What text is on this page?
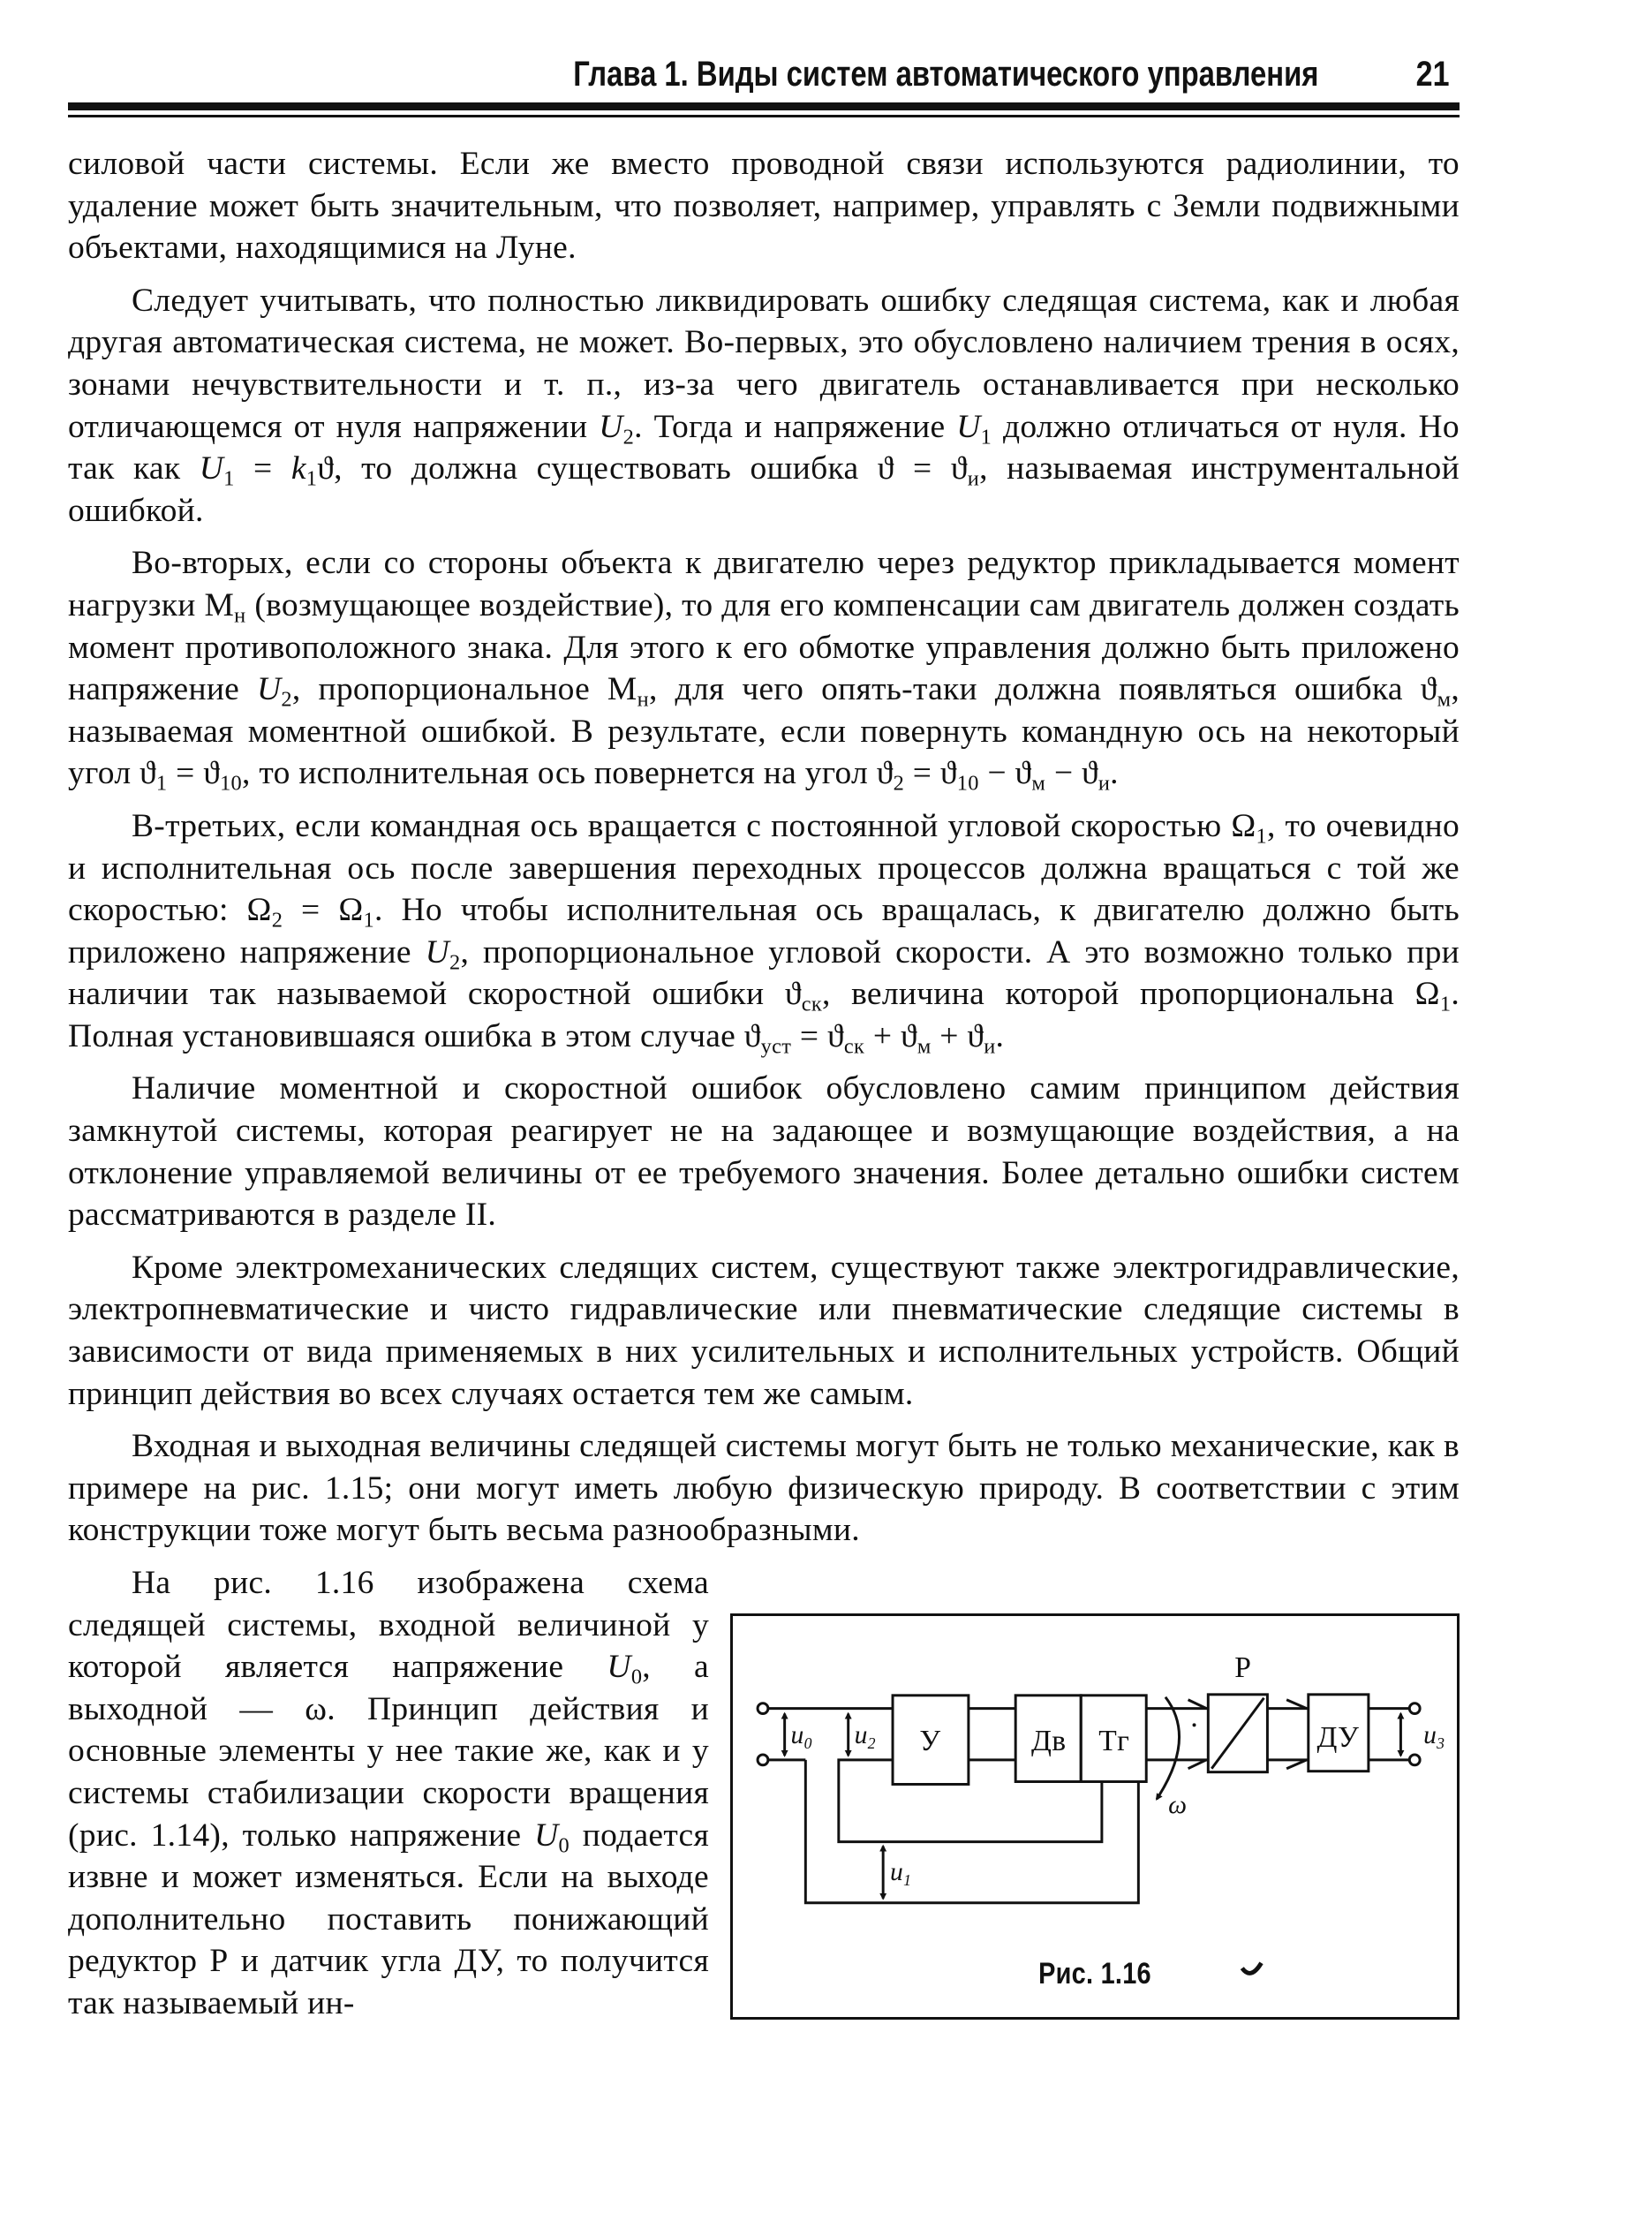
Глава 1. Виды систем автоматического управления	21

силовой части системы. Если же вместо проводной связи используются радиолинии, то удаление может быть значительным, что позволяет, например, управлять с Земли подвижными объектами, находящимися на Луне.

Следует учитывать, что полностью ликвидировать ошибку следящая система, как и любая другая автоматическая система, не может. Во-первых, это обусловлено наличием трения в осях, зонами нечувствительности и т. п., из-за чего двигатель останавливается при несколько отличающемся от нуля напряжении $U_2$. Тогда и напряжение $U_1$ должно отличаться от нуля. Но так как $U_1 = k_1ϑ$, то должна существовать ошибка $ϑ = ϑ_и$, называемая инструментальной ошибкой.

Во-вторых, если со стороны объекта к двигателю через редуктор прикладывается момент нагрузки $М_н$ (возмущающее воздействие), то для его компенсации сам двигатель должен создать момент противоположного знака. Для этого к его обмотке управления должно быть приложено напряжение $U_2$, пропорциональное $М_н$, для чего опять-таки должна появляться ошибка $ϑ_м$, называемая моментной ошибкой. В результате, если повернуть командную ось на некоторый угол $ϑ_1 = ϑ_{10}$, то исполнительная ось повернется на угол $ϑ_2 = ϑ_{10} - ϑ_м - ϑ_и$.

В-третьих, если командная ось вращается с постоянной угловой скоростью $\Omega_1$, то очевидно и исполнительная ось после завершения переходных процессов должна вращаться с той же скоростью: $\Omega_2 = \Omega_1$. Но чтобы исполнительная ось вращалась, к двигателю должно быть приложено напряжение $U_2$, пропорциональное угловой скорости. А это возможно только при наличии так называемой скоростной ошибки $ϑ_{ск}$, величина которой пропорциональна $\Omega_1$. Полная установившаяся ошибка в этом случае $ϑ_{уст} = ϑ_{ск} + ϑ_м + ϑ_и$.

Наличие моментной и скоростной ошибок обусловлено самим принципом действия замкнутой системы, которая реагирует не на задающее и возмущающие воздействия, а на отклонение управляемой величины от ее требуемого значения. Более детально ошибки систем рассматриваются в разделе II.

Кроме электромеханических следящих систем, существуют также электрогидравлические, электропневматические и чисто гидравлические или пневматические следящие системы в зависимости от вида применяемых в них усилительных и исполнительных устройств. Общий принцип действия во всех случаях остается тем же самым.

Входная и выходная величины следящей системы могут быть не только механические, как в примере на рис. 1.15; они могут иметь любую физическую природу. В соответствии с этим конструкции тоже могут быть весьма разнообразными.

У	Дв Тг
Р
ДУ
ω
$u_0$ $u_2$
$u_1$
$u_3$
Рис. 1.16

На рис. 1.16 изображена схема следящей системы, входной величиной у которой является напряжение $U_0$, а выходной — ω. Принцип действия и основные элементы у нее такие же, как и у системы стабилизации скорости вращения (рис. 1.14), только напряжение $U_0$ подается извне и может изменяться. Если на выходе дополнительно поставить понижающий редуктор Р и датчик угла ДУ, то получится так называемый ин-
